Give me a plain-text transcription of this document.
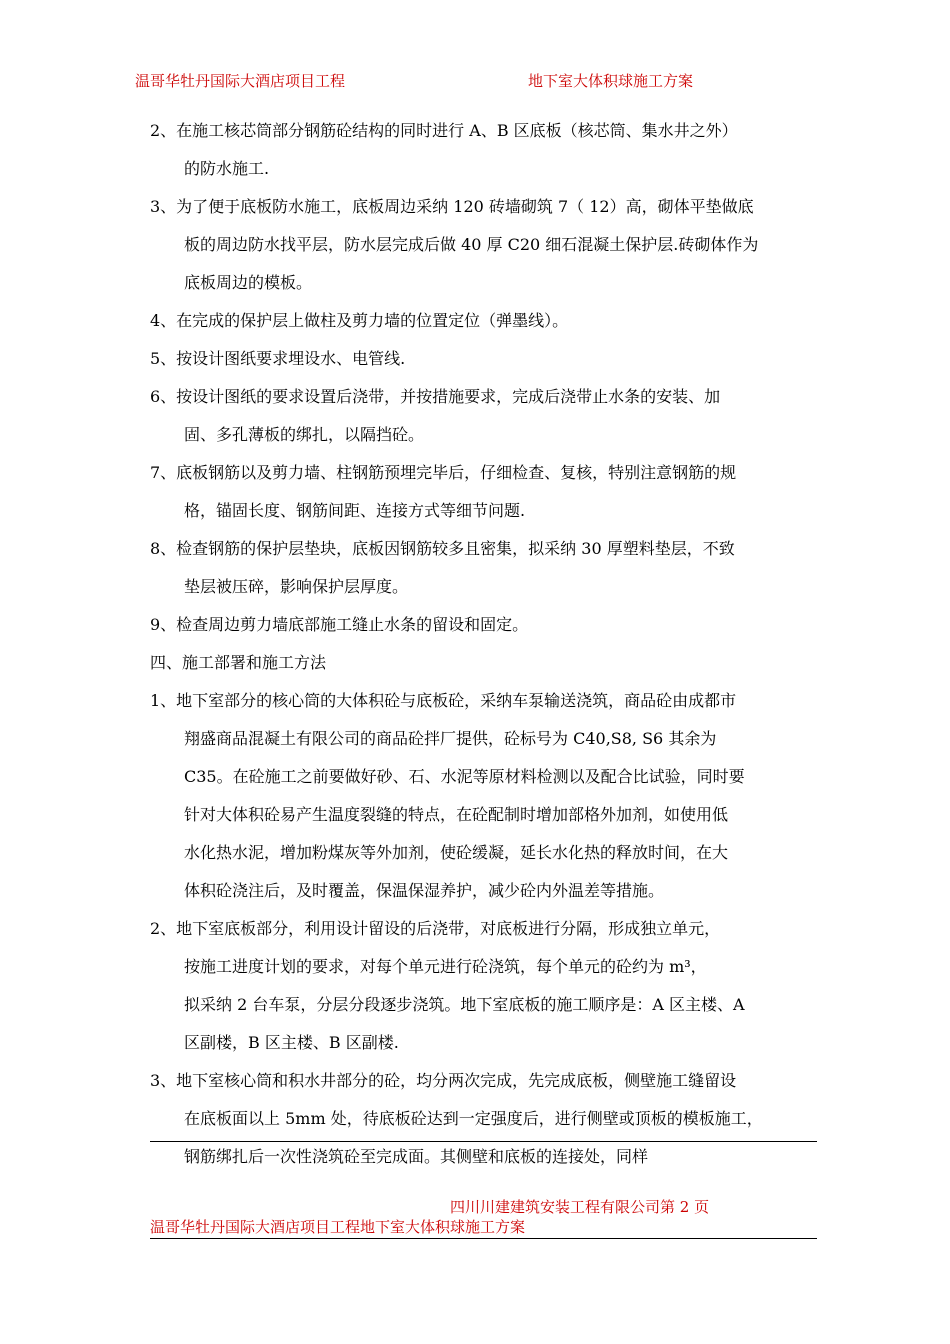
温哥华牡丹国际大酒店项目工程	地下室大体积球施工方案
2、在施工核芯筒部分钢筋砼结构的同时进行 A、B 区底板（核芯筒、集水井之外）
的防水施工.
3、为了便于底板防水施工，底板周边采纳 120 砖墙砌筑 7（ 12）高，砌体平垫做底
板的周边防水找平层，防水层完成后做 40 厚 C20 细石混凝土保护层.砖砌体作为
底板周边的模板。
4、在完成的保护层上做柱及剪力墙的位置定位（弹墨线）。
5、按设计图纸要求埋设水、电管线.
6、按设计图纸的要求设置后浇带，并按措施要求，完成后浇带止水条的安装、加
固、多孔薄板的绑扎，以隔挡砼。
7、底板钢筋以及剪力墙、柱钢筋预埋完毕后，仔细检查、复核，特别注意钢筋的规
格，锚固长度、钢筋间距、连接方式等细节问题.
8、检查钢筋的保护层垫块，底板因钢筋较多且密集，拟采纳 30 厚塑料垫层，不致
垫层被压碎，影响保护层厚度。
9、检查周边剪力墙底部施工缝止水条的留设和固定。
四、施工部署和施工方法
1、地下室部分的核心筒的大体积砼与底板砼，采纳车泵输送浇筑，商品砼由成都市
翔盛商品混凝土有限公司的商品砼拌厂提供，砼标号为 C40,S8, S6 其余为
C35。在砼施工之前要做好砂、石、水泥等原材料检测以及配合比试验，同时要
针对大体积砼易产生温度裂缝的特点，在砼配制时增加部格外加剂，如使用低
水化热水泥，增加粉煤灰等外加剂，使砼缓凝，延长水化热的释放时间，在大
体积砼浇注后，及时覆盖，保温保湿养护，减少砼内外温差等措施。
2、地下室底板部分，利用设计留设的后浇带，对底板进行分隔，形成独立单元，
按施工进度计划的要求，对每个单元进行砼浇筑，每个单元的砼约为 m³，
拟采纳 2 台车泵，分层分段逐步浇筑。地下室底板的施工顺序是：A 区主楼、A
区副楼，B 区主楼、B 区副楼.
3、地下室核心筒和积水井部分的砼，均分两次完成，先完成底板，侧壁施工缝留设
在底板面以上 5mm 处，待底板砼达到一定强度后，进行侧壁或顶板的模板施工，
钢筋绑扎后一次性浇筑砼至完成面。其侧壁和底板的连接处，同样
四川川建建筑安装工程有限公司第 2 页
温哥华牡丹国际大酒店项目工程地下室大体积球施工方案
